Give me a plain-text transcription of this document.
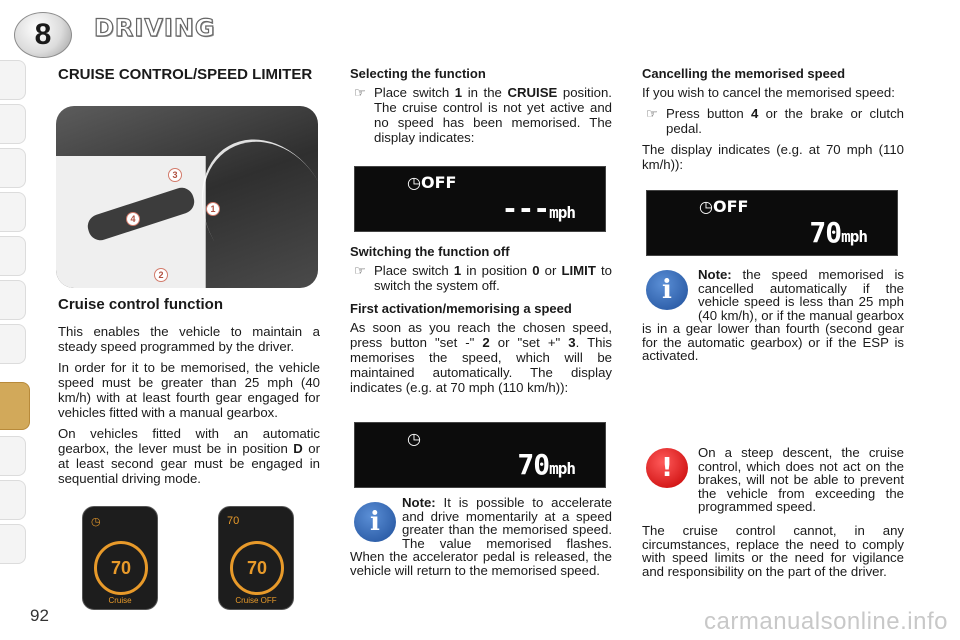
8 DRIVING
CRUISE CONTROL/SPEED LIMITER
3
1
4
2
Cruise control function

This enables the vehicle to maintain a steady speed programmed by the driver.

In order for it to be memorised, the vehicle speed must be greater than 25 mph (40 km/h) with at least fourth gear engaged for vehicles fitted with a manual gearbox.

On vehicles fitted with an automatic gearbox, the lever must be in position D or at least second gear must be engaged in sequential driving mode.

◷
70
Cruise
70
70
Cruise OFF
Selecting the function
☞ Place switch 1 in the CRUISE position. The cruise control is not yet active and no speed has been memorised. The display indicates:
◷OFF
---mph
Switching the function off
☞ Place switch 1 in position 0 or LIMIT to switch the system off.
First activation/memorising a speed

As soon as you reach the chosen speed, press button "set -" 2 or "set +" 3. This memorises the speed, which will be maintained automatically. The display indicates (e.g. at 70 mph (110 km/h)):

◷
70mph
i
Note: It is possible to accelerate and drive momentarily at a speed greater than the memorised speed. The value memorised flashes. When the accelerator pedal is released, the vehicle will return to the memorised speed.
Cancelling the memorised speed

If you wish to cancel the memorised speed:

☞ Press button 4 or the brake or clutch pedal.

The display indicates (e.g. at 70 mph (110 km/h)):

◷OFF
70mph
i
Note: the speed memorised is cancelled automatically if the vehicle speed is less than 25 mph (40 km/h), or if the manual gearbox is in a gear lower than fourth (second gear for the automatic gearbox) or if the ESP is activated.
!
On a steep descent, the cruise control, which does not act on the brakes, will not be able to prevent the vehicle from exceeding the programmed speed.
The cruise control cannot, in any circumstances, replace the need to comply with speed limits or the need for vigilance and responsibility on the part of the driver.
92	carmanualsonline.info
